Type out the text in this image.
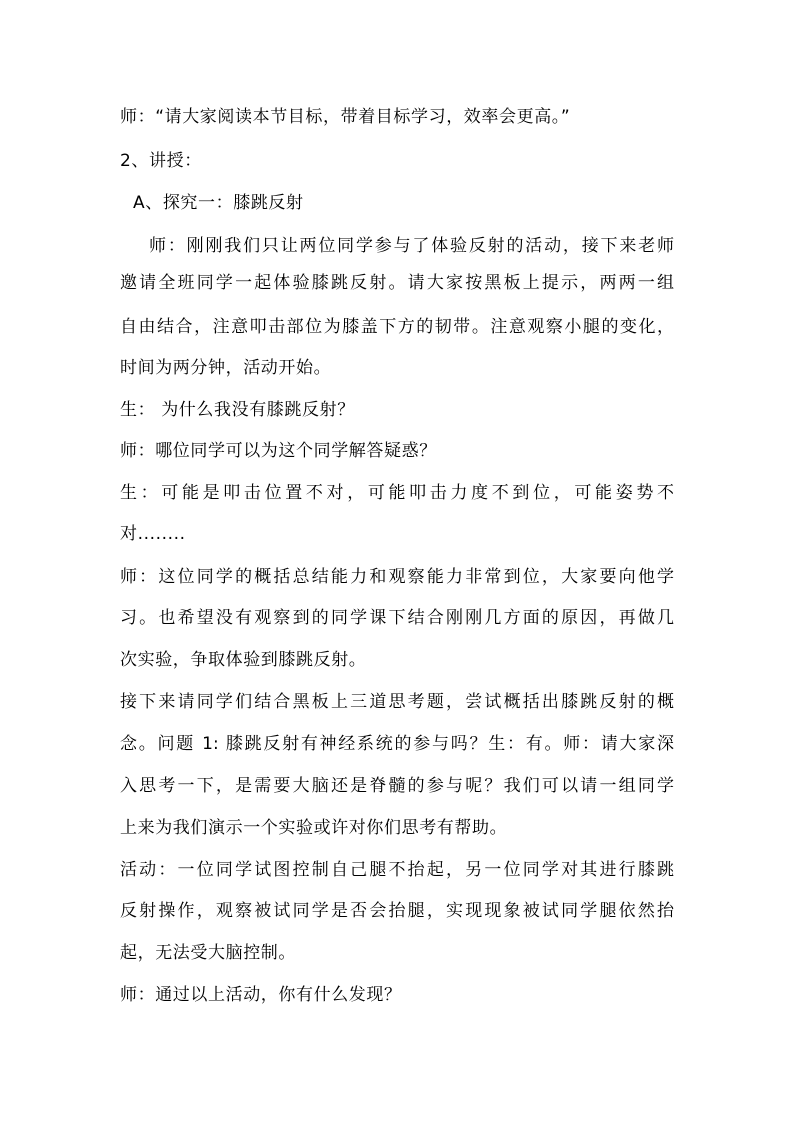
师：“请大家阅读本节目标，带着目标学习，效率会更高。”
2、讲授：
A、探究一：膝跳反射
师：刚刚我们只让两位同学参与了体验反射的活动，接下来老师
邀请全班同学一起体验膝跳反射。请大家按黑板上提示，两两一组
自由结合，注意叩击部位为膝盖下方的韧带。注意观察小腿的变化，
时间为两分钟，活动开始。
生： 为什么我没有膝跳反射？
师：哪位同学可以为这个同学解答疑惑？
生：可能是叩击位置不对，可能叩击力度不到位，可能姿势不
对........
师：这位同学的概括总结能力和观察能力非常到位，大家要向他学
习。也希望没有观察到的同学课下结合刚刚几方面的原因，再做几
次实验，争取体验到膝跳反射。
接下来请同学们结合黑板上三道思考题，尝试概括出膝跳反射的概
念。问题 1: 膝跳反射有神经系统的参与吗？生：有。师：请大家深
入思考一下，是需要大脑还是脊髓的参与呢？我们可以请一组同学
上来为我们演示一个实验或许对你们思考有帮助。
活动：一位同学试图控制自己腿不抬起，另一位同学对其进行膝跳
反射操作，观察被试同学是否会抬腿，实现现象被试同学腿依然抬
起，无法受大脑控制。
师：通过以上活动，你有什么发现？
